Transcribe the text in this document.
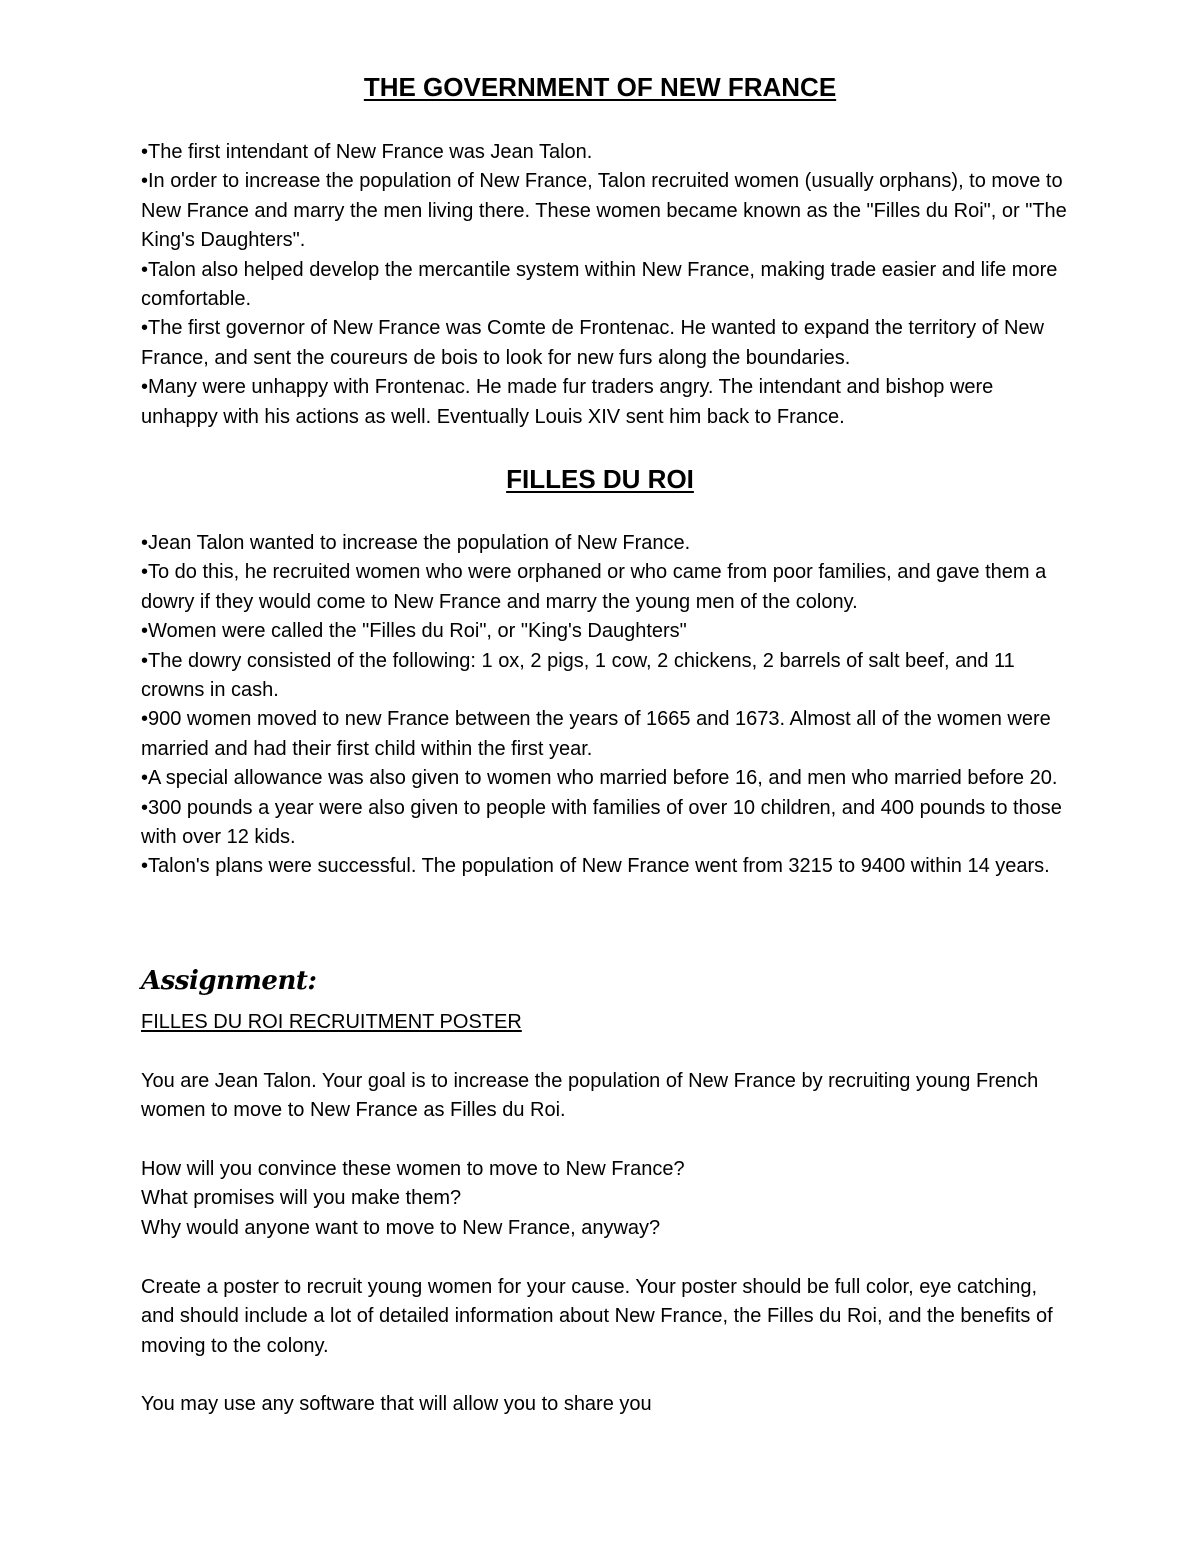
THE GOVERNMENT OF NEW FRANCE

•The first intendant of New France was Jean Talon.

•In order to increase the population of New France, Talon recruited women (usually orphans), to move to New France and marry the men living there. These women became known as the "Filles du Roi", or "The King's Daughters".

•Talon also helped develop the mercantile system within New France, making trade easier and life more comfortable.

•The first governor of New France was Comte de Frontenac. He wanted to expand the territory of New France, and sent the coureurs de bois to look for new furs along the boundaries.

•Many were unhappy with Frontenac. He made fur traders angry. The intendant and bishop were unhappy with his actions as well. Eventually Louis XIV sent him back to France.

FILLES DU ROI

•Jean Talon wanted to increase the population of New France.

•To do this, he recruited women who were orphaned or who came from poor families, and gave them a dowry if they would come to New France and marry the young men of the colony.

•Women were called the "Filles du Roi", or "King's Daughters"

•The dowry consisted of the following: 1 ox, 2 pigs, 1 cow, 2 chickens, 2 barrels of salt beef, and 11 crowns in cash.

•900 women moved to new France between the years of 1665 and 1673. Almost all of the women were married and had their first child within the first year.

•A special allowance was also given to women who married before 16, and men who married before 20.

•300 pounds a year were also given to people with families of over 10 children, and 400 pounds to those with over 12 kids.

•Talon's plans were successful. The population of New France went from 3215 to 9400 within 14 years.

Assignment:
FILLES DU ROI RECRUITMENT POSTER

You are Jean Talon. Your goal is to increase the population of New France by recruiting young French women to move to New France as Filles du Roi.

How will you convince these women to move to New France?
What promises will you make them?
Why would anyone want to move to New France, anyway?

Create a poster to recruit young women for your cause. Your poster should be full color, eye catching, and should include a lot of detailed information about New France, the Filles du Roi, and the benefits of moving to the colony.

You may use any software that will allow you to share you
